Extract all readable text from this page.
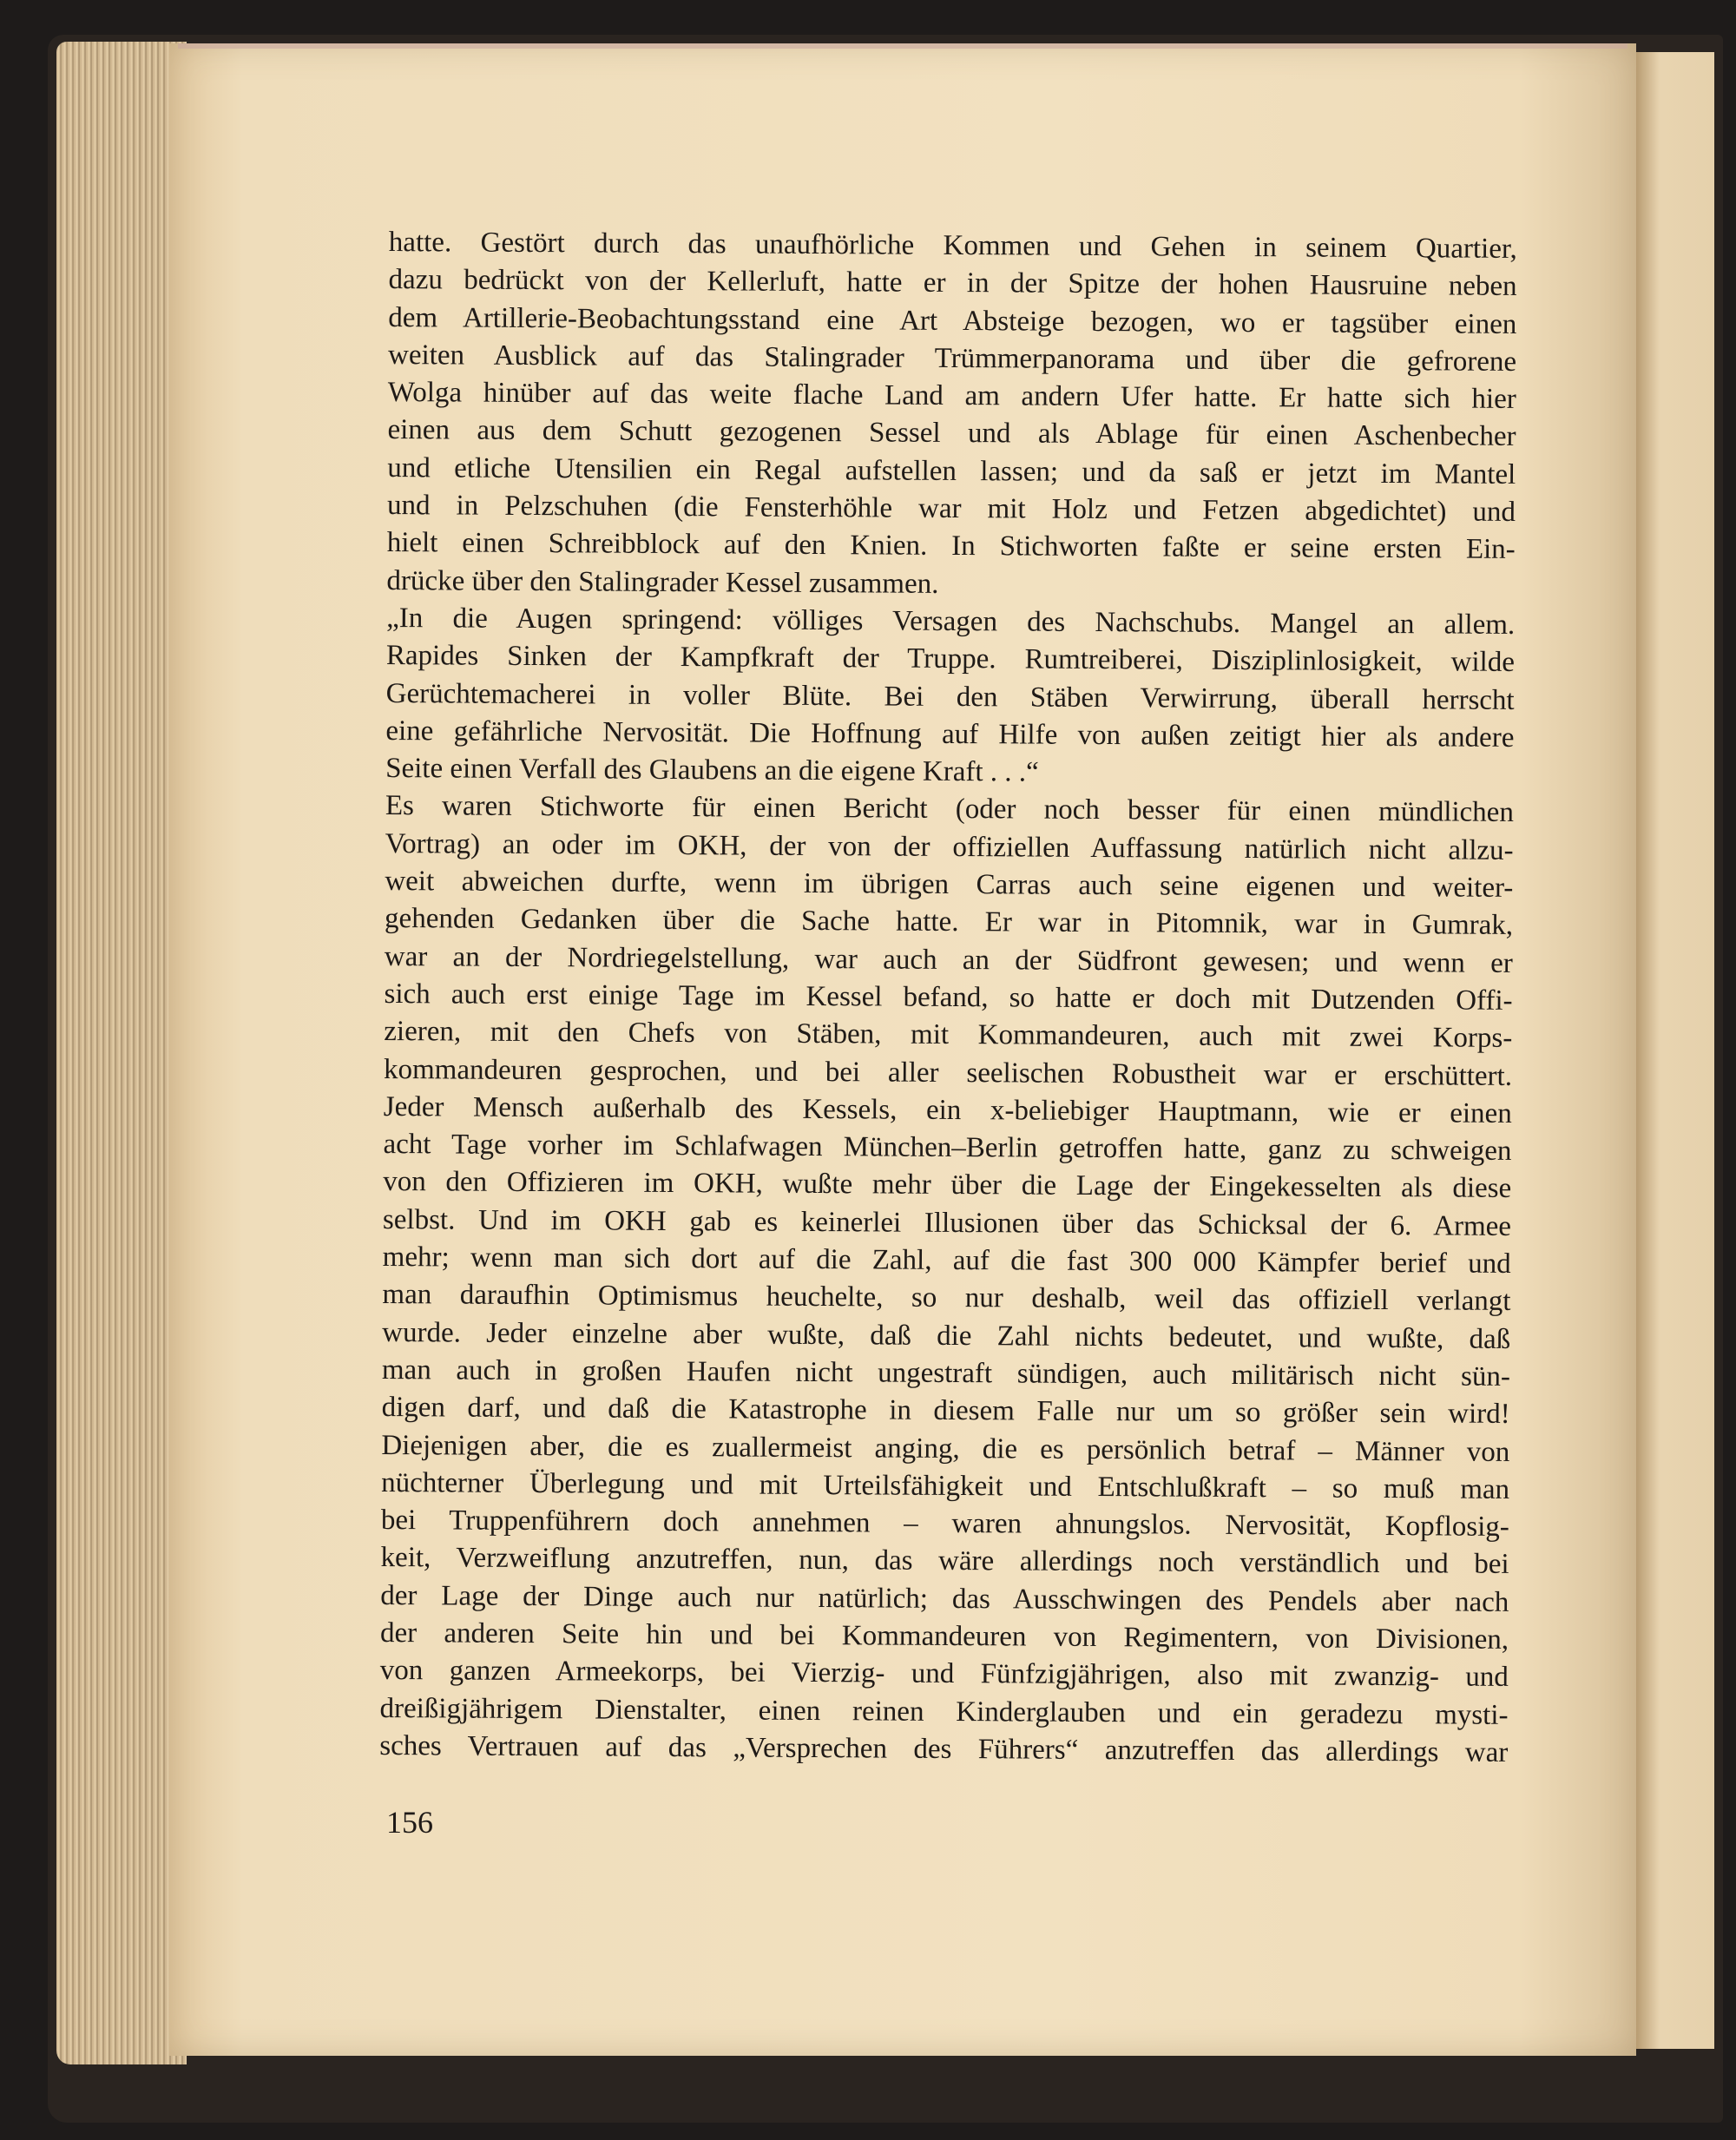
hatte. Gestört durch das unaufhörliche Kommen und Gehen in seinem Quartier,
dazu bedrückt von der Kellerluft, hatte er in der Spitze der hohen Hausruine neben
dem Artillerie-Beobachtungsstand eine Art Absteige bezogen, wo er tagsüber einen
weiten Ausblick auf das Stalingrader Trümmerpanorama und über die gefrorene
Wolga hinüber auf das weite flache Land am andern Ufer hatte. Er hatte sich hier
einen aus dem Schutt gezogenen Sessel und als Ablage für einen Aschenbecher
und etliche Utensilien ein Regal aufstellen lassen; und da saß er jetzt im Mantel
und in Pelzschuhen (die Fensterhöhle war mit Holz und Fetzen abgedichtet) und
hielt einen Schreibblock auf den Knien. In Stichworten faßte er seine ersten Ein-
drücke über den Stalingrader Kessel zusammen.
„In die Augen springend: völliges Versagen des Nachschubs. Mangel an allem.
Rapides Sinken der Kampfkraft der Truppe. Rumtreiberei, Disziplinlosigkeit, wilde
Gerüchtemacherei in voller Blüte. Bei den Stäben Verwirrung, überall herrscht
eine gefährliche Nervosität. Die Hoffnung auf Hilfe von außen zeitigt hier als andere
Seite einen Verfall des Glaubens an die eigene Kraft . . .“
Es waren Stichworte für einen Bericht (oder noch besser für einen mündlichen
Vortrag) an oder im OKH, der von der offiziellen Auffassung natürlich nicht allzu-
weit abweichen durfte, wenn im übrigen Carras auch seine eigenen und weiter-
gehenden Gedanken über die Sache hatte. Er war in Pitomnik, war in Gumrak,
war an der Nordriegelstellung, war auch an der Südfront gewesen; und wenn er
sich auch erst einige Tage im Kessel befand, so hatte er doch mit Dutzenden Offi-
zieren, mit den Chefs von Stäben, mit Kommandeuren, auch mit zwei Korps-
kommandeuren gesprochen, und bei aller seelischen Robustheit war er erschüttert.
Jeder Mensch außerhalb des Kessels, ein x-beliebiger Hauptmann, wie er einen
acht Tage vorher im Schlafwagen München–Berlin getroffen hatte, ganz zu schweigen
von den Offizieren im OKH, wußte mehr über die Lage der Eingekesselten als diese
selbst. Und im OKH gab es keinerlei Illusionen über das Schicksal der 6. Armee
mehr; wenn man sich dort auf die Zahl, auf die fast 300 000 Kämpfer berief und
man daraufhin Optimismus heuchelte, so nur deshalb, weil das offiziell verlangt
wurde. Jeder einzelne aber wußte, daß die Zahl nichts bedeutet, und wußte, daß
man auch in großen Haufen nicht ungestraft sündigen, auch militärisch nicht sün-
digen darf, und daß die Katastrophe in diesem Falle nur um so größer sein wird!
Diejenigen aber, die es zuallermeist anging, die es persönlich betraf – Männer von
nüchterner Überlegung und mit Urteilsfähigkeit und Entschlußkraft – so muß man
bei Truppenführern doch annehmen – waren ahnungslos. Nervosität, Kopflosig-
keit, Verzweiflung anzutreffen, nun, das wäre allerdings noch verständlich und bei
der Lage der Dinge auch nur natürlich; das Ausschwingen des Pendels aber nach
der anderen Seite hin und bei Kommandeuren von Regimentern, von Divisionen,
von ganzen Armeekorps, bei Vierzig- und Fünfzigjährigen, also mit zwanzig- und
dreißigjährigem Dienstalter, einen reinen Kinderglauben und ein geradezu mysti-
sches Vertrauen auf das „Versprechen des Führers“ anzutreffen das allerdings war
156
